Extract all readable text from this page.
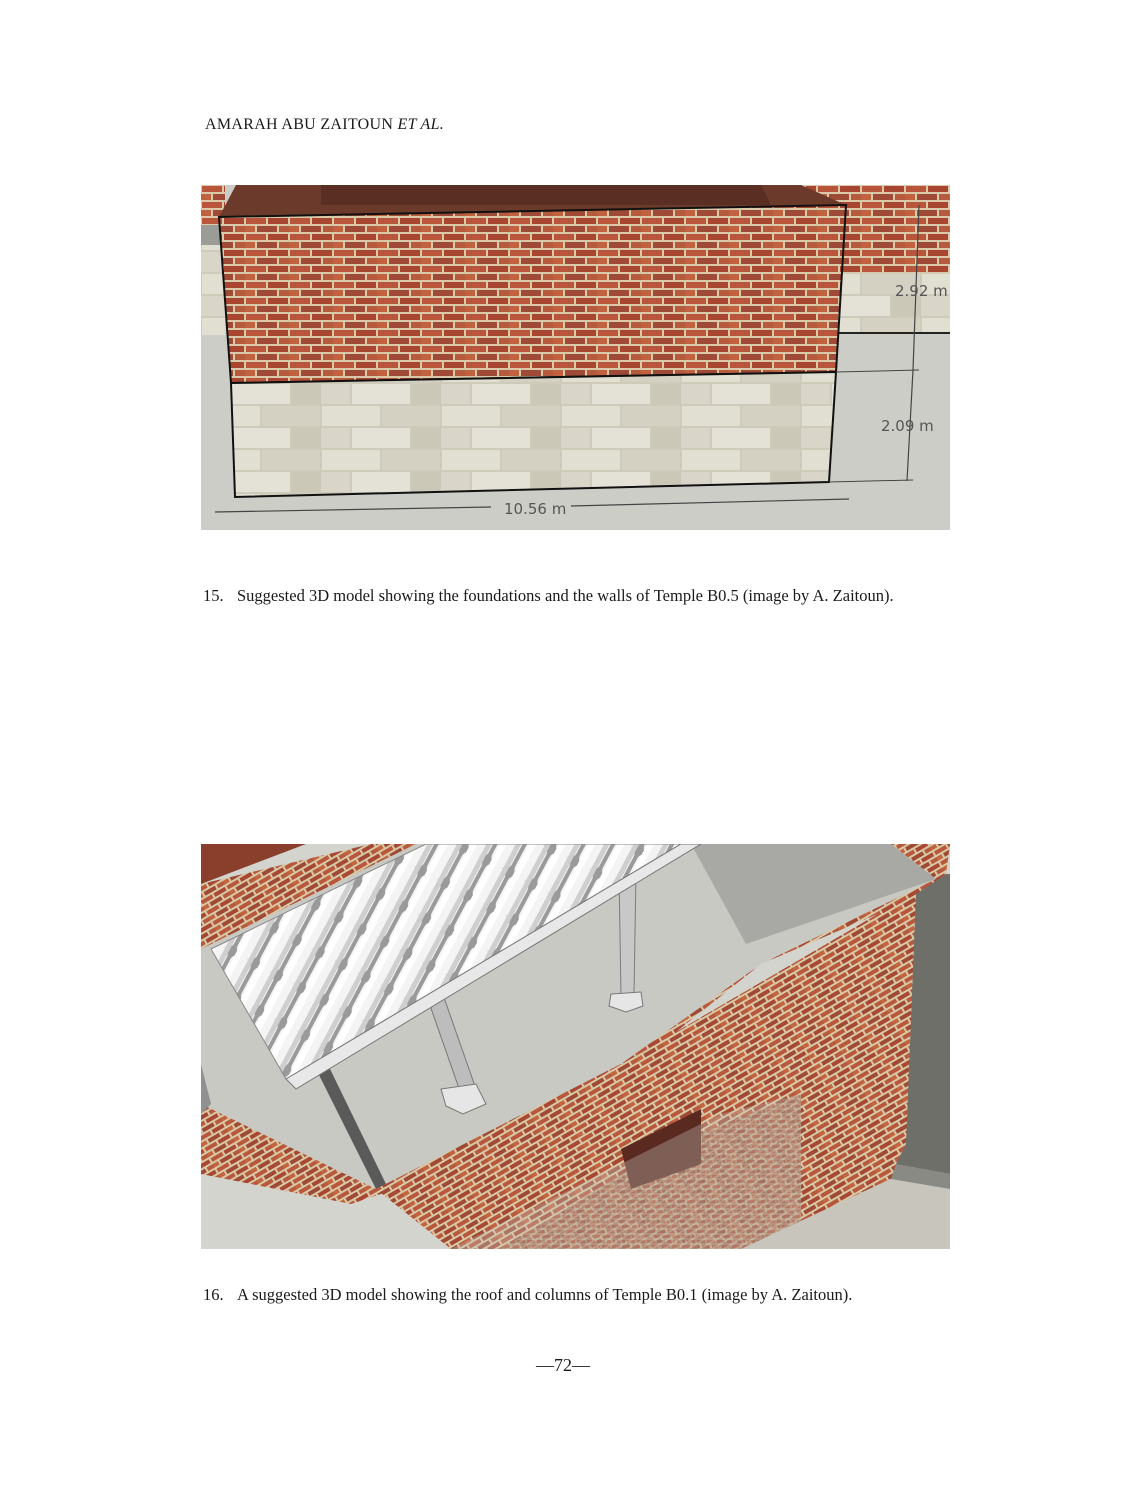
AMARAH ABU ZAITOUN ET AL.
10.56 m
2.09 m
2.92 m
15. Suggested 3D model showing the foundations and the walls of Temple B0.5 (image by A. Zaitoun).
16. A suggested 3D model showing the roof and columns of Temple B0.1 (image by A. Zaitoun).
—72—
